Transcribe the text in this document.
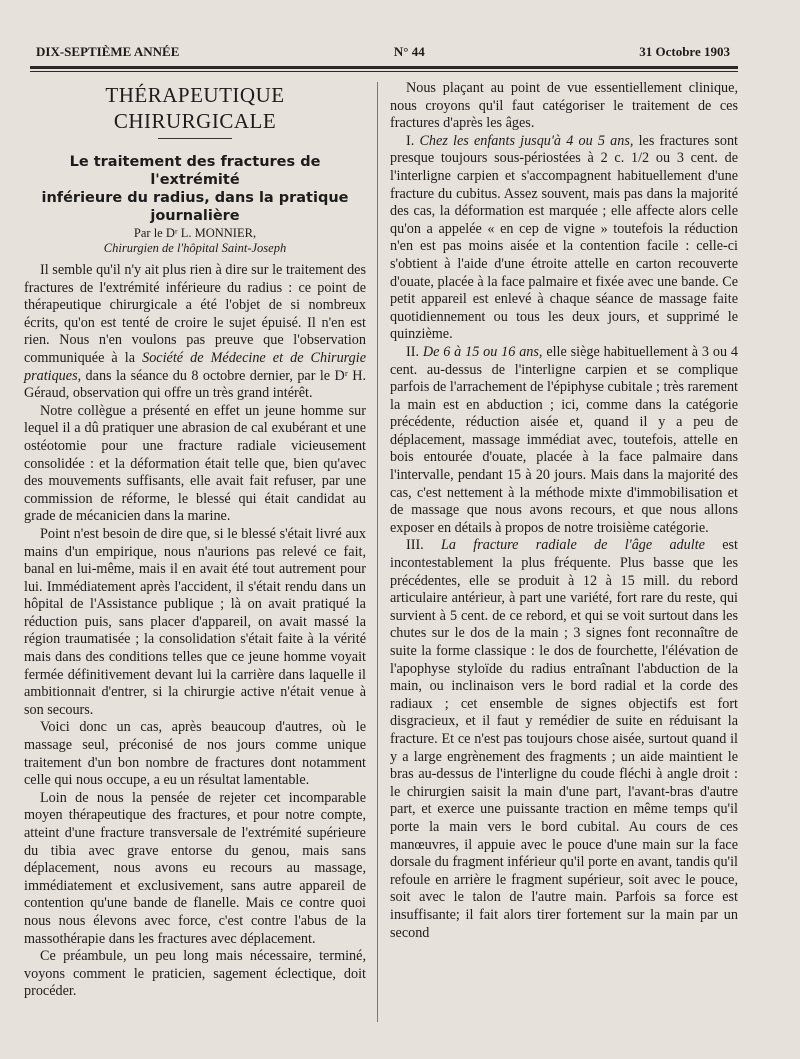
DIX-SEPTIÈME ANNÉE	N° 44	31 Octobre 1903
THÉRAPEUTIQUE CHIRURGICALE
Le traitement des fractures de l'extrémité
inférieure du radius, dans la pratique journalière
Par le Dʳ L. MONNIER,
Chirurgien de l'hôpital Saint-Joseph

Il semble qu'il n'y ait plus rien à dire sur le traitement des fractures de l'extrémité inférieure du radius : ce point de thérapeutique chirurgicale a été l'objet de si nombreux écrits, qu'on est tenté de croire le sujet épuisé. Il n'en est rien. Nous n'en voulons pas preuve que l'observation communiquée à la Société de Médecine et de Chirurgie pratiques, dans la séance du 8 octobre dernier, par le Dʳ H. Géraud, observation qui offre un très grand intérêt.

Notre collègue a présenté en effet un jeune homme sur lequel il a dû pratiquer une abrasion de cal exubérant et une ostéotomie pour une fracture radiale vicieusement consolidée : et la déformation était telle que, bien qu'avec des mouvements suffisants, elle avait fait refuser, par une commission de réforme, le blessé qui était candidat au grade de mécanicien dans la marine.

Point n'est besoin de dire que, si le blessé s'était livré aux mains d'un empirique, nous n'aurions pas relevé ce fait, banal en lui-même, mais il en avait été tout autrement pour lui. Immédiatement après l'accident, il s'était rendu dans un hôpital de l'Assistance publique ; là on avait pratiqué la réduction puis, sans placer d'appareil, on avait massé la région traumatisée ; la consolidation s'était faite à la vérité mais dans des conditions telles que ce jeune homme voyait fermée définitivement devant lui la carrière dans laquelle il ambitionnait d'entrer, si la chirurgie active n'était venue à son secours.

Voici donc un cas, après beaucoup d'autres, où le massage seul, préconisé de nos jours comme unique traitement d'un bon nombre de fractures dont notamment celle qui nous occupe, a eu un résultat lamentable.

Loin de nous la pensée de rejeter cet incomparable moyen thérapeutique des fractures, et pour notre compte, atteint d'une fracture transversale de l'extrémité supérieure du tibia avec grave entorse du genou, mais sans déplacement, nous avons eu recours au massage, immédiatement et exclusivement, sans autre appareil de contention qu'une bande de flanelle. Mais ce contre quoi nous nous élevons avec force, c'est contre l'abus de la massothérapie dans les fractures avec déplacement.

Ce préambule, un peu long mais nécessaire, terminé, voyons comment le praticien, sagement éclectique, doit procéder.

Nous plaçant au point de vue essentiellement clinique, nous croyons qu'il faut catégoriser le traitement de ces fractures d'après les âges.

I. Chez les enfants jusqu'à 4 ou 5 ans, les fractures sont presque toujours sous-périostées à 2 c. 1/2 ou 3 cent. de l'interligne carpien et s'accompagnent habituellement d'une fracture du cubitus. Assez souvent, mais pas dans la majorité des cas, la déformation est marquée ; elle affecte alors celle qu'on a appelée « en cep de vigne » toutefois la réduction n'en est pas moins aisée et la contention facile : celle-ci s'obtient à l'aide d'une étroite attelle en carton recouverte d'ouate, placée à la face palmaire et fixée avec une bande. Ce petit appareil est enlevé à chaque séance de massage faite quotidiennement ou tous les deux jours, et supprimé le quinzième.

II. De 6 à 15 ou 16 ans, elle siège habituellement à 3 ou 4 cent. au-dessus de l'interligne carpien et se complique parfois de l'arrachement de l'épiphyse cubitale ; très rarement la main est en abduction ; ici, comme dans la catégorie précédente, réduction aisée et, quand il y a peu de déplacement, massage immédiat avec, toutefois, attelle en bois entourée d'ouate, placée à la face palmaire dans l'intervalle, pendant 15 à 20 jours. Mais dans la majorité des cas, c'est nettement à la méthode mixte d'immobilisation et de massage que nous avons recours, et que nous allons exposer en détails à propos de notre troisième catégorie.

III. La fracture radiale de l'âge adulte est incontestablement la plus fréquente. Plus basse que les précédentes, elle se produit à 12 à 15 mill. du rebord articulaire antérieur, à part une variété, fort rare du reste, qui survient à 5 cent. de ce rebord, et qui se voit surtout dans les chutes sur le dos de la main ; 3 signes font reconnaître de suite la forme classique : le dos de fourchette, l'élévation de l'apophyse styloïde du radius entraînant l'abduction de la main, ou inclinaison vers le bord radial et la corde des radiaux ; cet ensemble de signes objectifs est fort disgracieux, et il faut y remédier de suite en réduisant la fracture. Et ce n'est pas toujours chose aisée, surtout quand il y a large engrènement des fragments ; un aide maintient le bras au-dessus de l'interligne du coude fléchi à angle droit : le chirurgien saisit la main d'une part, l'avant-bras d'autre part, et exerce une puissante traction en même temps qu'il porte la main vers le bord cubital. Au cours de ces manœuvres, il appuie avec le pouce d'une main sur la face dorsale du fragment inférieur qu'il porte en avant, tandis qu'il refoule en arrière le fragment supérieur, soit avec le pouce, soit avec le talon de l'autre main. Parfois sa force est insuffisante; il fait alors tirer fortement sur la main par un second
